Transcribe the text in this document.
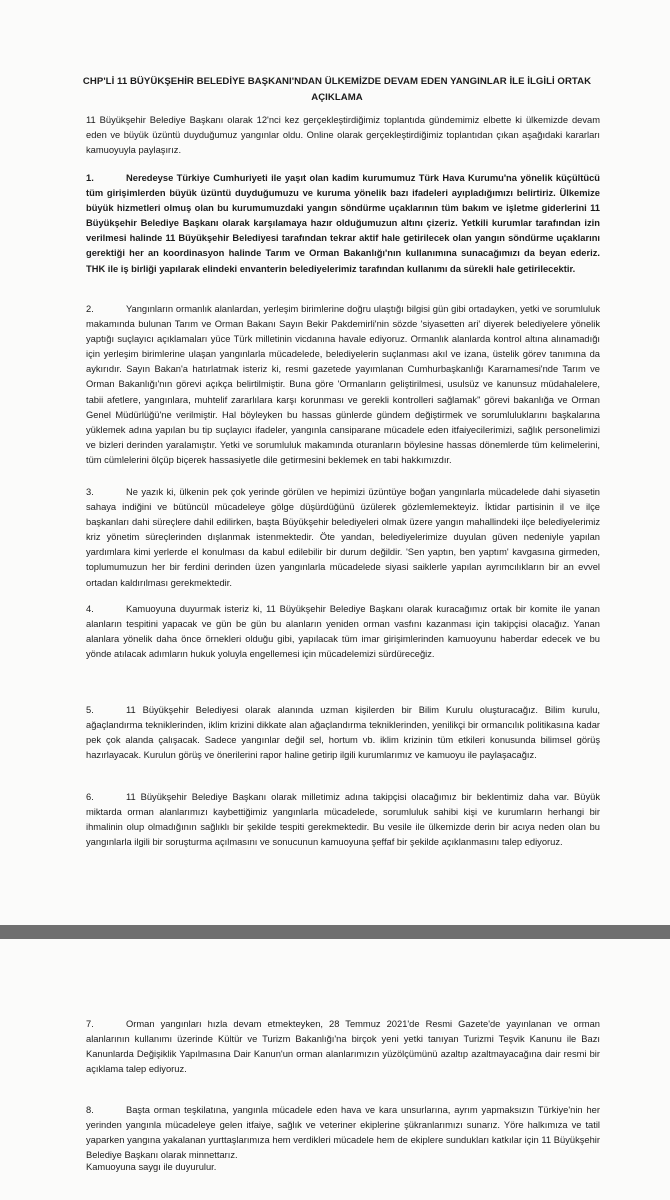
CHP'Lİ 11 BÜYÜKŞEHİR BELEDİYE BAŞKANI'NDAN ÜLKEMİZDE DEVAM EDEN YANGINLAR İLE İLGİLİ ORTAK AÇIKLAMA

11 Büyükşehir Belediye Başkanı olarak 12'nci kez gerçekleştirdiğimiz toplantıda gündemimiz elbette ki ülkemizde devam eden ve büyük üzüntü duyduğumuz yangınlar oldu. Online olarak gerçekleştirdiğimiz toplantıdan çıkan aşağıdaki kararları kamuoyuyla paylaşırız.

1.	Neredeyse Türkiye Cumhuriyeti ile yaşıt olan kadim kurumumuz Türk Hava Kurumu'na yönelik küçültücü tüm girişimlerden büyük üzüntü duyduğumuzu ve kuruma yönelik bazı ifadeleri ayıpladığımızı belirtiriz. Ülkemize büyük hizmetleri olmuş olan bu kurumumuzdaki yangın söndürme uçaklarının tüm bakım ve işletme giderlerini 11 Büyükşehir Belediye Başkanı olarak karşılamaya hazır olduğumuzun altını çizeriz. Yetkili kurumlar tarafından izin verilmesi halinde 11 Büyükşehir Belediyesi tarafından tekrar aktif hale getirilecek olan yangın söndürme uçaklarını gerektiği her an koordinasyon halinde Tarım ve Orman Bakanlığı'nın kullanımına sunacağımızı da beyan ederiz. THK ile iş birliği yapılarak elindeki envanterin belediyelerimiz tarafından kullanımı da sürekli hale getirilecektir.

2.	Yangınların ormanlık alanlardan, yerleşim birimlerine doğru ulaştığı bilgisi gün gibi ortadayken, yetki ve sorumluluk makamında bulunan Tarım ve Orman Bakanı Sayın Bekir Pakdemirli'nin sözde 'siyasetten ari' diyerek belediyelere yönelik yaptığı suçlayıcı açıklamaları yüce Türk milletinin vicdanına havale ediyoruz. Ormanlık alanlarda kontrol altına alınamadığı için yerleşim birimlerine ulaşan yangınlarla mücadelede, belediyelerin suçlanması akıl ve izana, üstelik görev tanımına da aykırıdır. Sayın Bakan'a hatırlatmak isteriz ki, resmi gazetede yayımlanan Cumhurbaşkanlığı Kararnamesi'nde Tarım ve Orman Bakanlığı'nın görevi açıkça belirtilmiştir. Buna göre 'Ormanların geliştirilmesi, usulsüz ve kanunsuz müdahalelere, tabii afetlere, yangınlara, muhtelif zararlılara karşı korunması ve gerekli kontrolleri sağlamak" görevi bakanlığa ve Orman Genel Müdürlüğü'ne verilmiştir. Hal böyleyken bu hassas günlerde gündem değiştirmek ve sorumluluklarını başkalarına yüklemek adına yapılan bu tip suçlayıcı ifadeler, yangınla cansiparane mücadele eden itfaiyecilerimizi, sağlık personelimizi ve bizleri derinden yaralamıştır. Yetki ve sorumluluk makamında oturanların böylesine hassas dönemlerde tüm kelimelerini, tüm cümlelerini ölçüp biçerek hassasiyetle dile getirmesini beklemek en tabi hakkımızdır.

3.	Ne yazık ki, ülkenin pek çok yerinde görülen ve hepimizi üzüntüye boğan yangınlarla mücadelede dahi siyasetin sahaya indiğini ve bütüncül mücadeleye gölge düşürdüğünü üzülerek gözlemlemekteyiz. İktidar partisinin il ve ilçe başkanları dahi süreçlere dahil edilirken, başta Büyükşehir belediyeleri olmak üzere yangın mahallindeki ilçe belediyelerimiz kriz yönetim süreçlerinden dışlanmak istenmektedir. Öte yandan, belediyelerimize duyulan güven nedeniyle yapılan yardımlara kimi yerlerde el konulması da kabul edilebilir bir durum değildir. 'Sen yaptın, ben yaptım' kavgasına girmeden, toplumumuzun her bir ferdini derinden üzen yangınlarla mücadelede siyasi saiklerle yapılan ayrımcılıkların bir an evvel ortadan kaldırılması gerekmektedir.

4.	Kamuoyuna duyurmak isteriz ki, 11 Büyükşehir Belediye Başkanı olarak kuracağımız ortak bir komite ile yanan alanların tespitini yapacak ve gün be gün bu alanların yeniden orman vasfını kazanması için takipçisi olacağız. Yanan alanlara yönelik daha önce örnekleri olduğu gibi, yapılacak tüm imar girişimlerinden kamuoyunu haberdar edecek ve bu yönde atılacak adımların hukuk yoluyla engellemesi için mücadelemizi sürdüreceğiz.

5.	11 Büyükşehir Belediyesi olarak alanında uzman kişilerden bir Bilim Kurulu oluşturacağız. Bilim kurulu, ağaçlandırma tekniklerinden, iklim krizini dikkate alan ağaçlandırma tekniklerinden, yenilikçi bir ormancılık politikasına kadar pek çok alanda çalışacak. Sadece yangınlar değil sel, hortum vb. iklim krizinin tüm etkileri konusunda bilimsel görüş hazırlayacak. Kurulun görüş ve önerilerini rapor haline getirip ilgili kurumlarımız ve kamuoyu ile paylaşacağız.

6.	11 Büyükşehir Belediye Başkanı olarak milletimiz adına takipçisi olacağımız bir beklentimiz daha var. Büyük miktarda orman alanlarımızı kaybettiğimiz yangınlarla mücadelede, sorumluluk sahibi kişi ve kurumların herhangi bir ihmalinin olup olmadığının sağlıklı bir şekilde tespiti gerekmektedir. Bu vesile ile ülkemizde derin bir acıya neden olan bu yangınlarla ilgili bir soruşturma açılmasını ve sonucunun kamuoyuna şeffaf bir şekilde açıklanmasını talep ediyoruz.

7.	Orman yangınları hızla devam etmekteyken, 28 Temmuz 2021'de Resmi Gazete'de yayınlanan ve orman alanlarının kullanımı üzerinde Kültür ve Turizm Bakanlığı'na birçok yeni yetki tanıyan Turizmi Teşvik Kanunu ile Bazı Kanunlarda Değişiklik Yapılmasına Dair Kanun'un orman alanlarımızın yüzölçümünü azaltıp azaltmayacağına dair resmi bir açıklama talep ediyoruz.

8.	Başta orman teşkilatına, yangınla mücadele eden hava ve kara unsurlarına, ayrım yapmaksızın Türkiye'nin her yerinden yangınla mücadeleye gelen itfaiye, sağlık ve veteriner ekiplerine şükranlarımızı sunarız. Yöre halkımıza ve tatil yaparken yangına yakalanan yurttaşlarımıza hem verdikleri mücadele hem de ekiplere sundukları katkılar için 11 Büyükşehir Belediye Başkanı olarak minnettarız.

Kamuoyuna saygı ile duyurulur.
